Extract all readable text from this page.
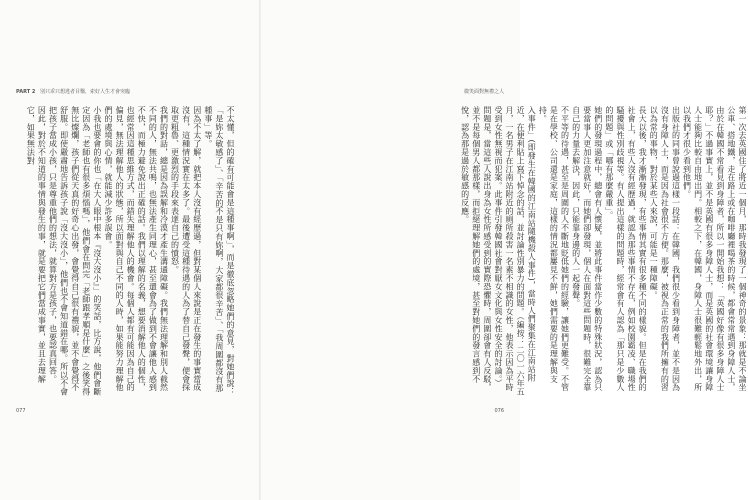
PART 2 別只乖只想逃者目鑿，索好人生才會突臨
不太懂，但的確有可能會是這種事啊」，而是徹底忽略她們的意見，對她們說：「是妳太敏感了」、「辛苦的不是只有妳啊，大家都很辛苦」、「我周圍都沒有那種事」等。
因為不太了解，就把本人沒有經歷過，但對某個人來說是正在發生的事實當成沒有，這種情況實在太多了。最後遭受這種待遇的人為了替自己發聲，便會採取更粗魯、更激烈的手段來表達自己的憤怒。
我們的對話，總是因為誤解和冷漠才產生溝通障礙。我們無法理解和別人截然不同的人，無法共鳴，也無法產生同理心，甚至還會為了做到不會讓他人感到不快，而極力避免說出正確的話。我們以理解的名義，想要消解他人的個性，也經常因這種思維方式，而錯失理解他人的機會。每個人都有可能因為自己的偏見，無法理解他人的狀態，所以面對與自己不同的人時，如果能努力理解他們的處境與心情，就能減少許多誤會。
小我也要會的你也「在大人眼中根本『沒大沒小』」的笑話，比方說，他們會斷定因為「老師也有很多煩惱嗎」，他們會在問完「老師跟孝順是什麼」之後笑得無比燦爛，孩子們從天真的好奇心出發，會覺得自己很有禮貌，並不會覺得不舒服。即使嚴肅地告訴孩子說「沒大沒小」，他們也不會知道錯在哪。所以不會把孩子當成小孩，只是尊重他們的想法，就算對方是孩子，也要認真回答。
因此，對於不知道的事情與發生的事，就是要把它們當成事實，並且去理解它，如果無法對
077
微笑面對無禮之人
第一次去英國住了將近一個月，那時我發現了一個神奇的景象：那就是不論坐公車、搭地鐵，走在路上或在咖啡廳裡喝茶的時候，都會常常遇到身障人士，由於在韓國不常看見到身障者，所以一開始我想：「英國好像有很多身障人士耶？」不過事實上，並不是英國有很多身障人士，而是英國的社會環境讓身障人士能夠比較自由地出門。相較之下，在韓國，身障人士很難輕鬆地外出，所以我們才很少看到他們。
出版社的同事曾說過這樣一段話：在韓國，我們很少看到身障者，並不是因為沒有身障人士，而是因為社會很不方便。那麼，被視為正常的我們所擁有的習以為常的事物，對於某些人來說，可能是一種障礙。
長大以後，我才漸漸發現，有些事情其實有很多種不同的樣貌。但是在我們的社會上，有些人沒有經歷過，就認為那些事情不存在，例如校園霸凌、職場性騷擾與性別歧視等。有人提出這樣的問題時，經常會有人認為「那只是少數人的問題」或「哪有那麼嚴重」。
她們的發現過程中，總會有人懷疑，並將此事件當作少數的特殊狀況，認為只要當事人更加注意就好，而她們卻發現，個人在面對這些問題時，很難完全靠自己的力量去解決，因此，只能靠身邊的人一起發聲。
不平等的待遇，甚至是周圍的人不斷地貶低她們的經驗，讓她們更難受。不管是在學校、公司還是家庭，這樣的情況都屢見不鮮，她們需要的是理解與支持。
入事件」(即發生在韓國的江南站隨機殺人事件)，當時人們聚集在江南站附近，在便利貼上寫下悼念的話，並討論性別暴力的問題。（編按：二〇一六年五月，一名男子在江南站附近的廁所殺害一名素不相識的女性，他表示因為平時受到女性無視而犯案。此事件引發韓國社會對厭女文化與女性安全的討論。）
問題是，當這些人說出身為女性所感受到的實際恐懼時，周圍卻會有人反駁，並不是每個男人都那樣，而拒絕理解她們的處境，甚至對她們的發言感到不悅，認為那是過於敏感的反應。
076
